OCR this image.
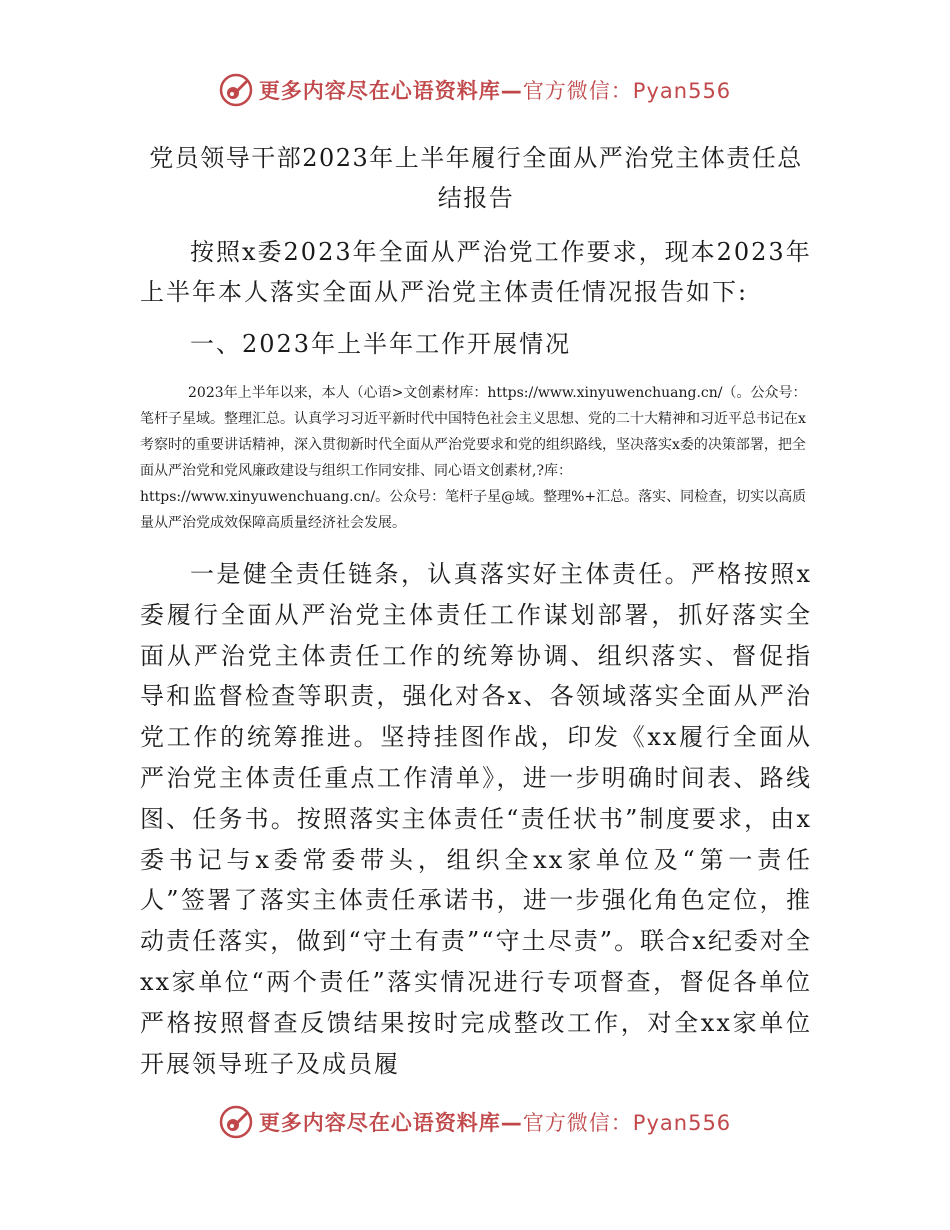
更多内容尽在心语资料库—官方微信：Pyan556
党员领导干部2023年上半年履行全面从严治党主体责任总结报告

按照x委2023年全面从严治党工作要求，现本2023年上半年本人落实全面从严治党主体责任情况报告如下:

一、2023年上半年工作开展情况

2023年上半年以来，本人（心语>文创素材库：https://www.xinyuwenchuang.cn/（。公众号：笔杆子星域。整理汇总。认真学习习近平新时代中国特色社会主义思想、党的二十大精神和习近平总书记在x考察时的重要讲话精神，深入贯彻新时代全面从严治党要求和党的组织路线，坚决落实x委的决策部署，把全面从严治党和党风廉政建设与组织工作同安排、同心语文创素材,?库：https://www.xinyuwenchuang.cn/。公众号：笔杆子星@域。整理%+汇总。落实、同检查，切实以高质量从严治党成效保障高质量经济社会发展。

一是健全责任链条，认真落实好主体责任。严格按照x委履行全面从严治党主体责任工作谋划部署，抓好落实全面从严治党主体责任工作的统筹协调、组织落实、督促指导和监督检查等职责，强化对各x、各领域落实全面从严治党工作的统筹推进。坚持挂图作战，印发《xx履行全面从严治党主体责任重点工作清单》，进一步明确时间表、路线图、任务书。按照落实主体责任“责任状书”制度要求，由x委书记与x委常委带头，组织全xx家单位及“第一责任人”签署了落实主体责任承诺书，进一步强化角色定位，推动责任落实，做到“守土有责”“守土尽责”。联合x纪委对全xx家单位“两个责任”落实情况进行专项督查，督促各单位严格按照督查反馈结果按时完成整改工作，对全xx家单位开展领导班子及成员履

更多内容尽在心语资料库—官方微信：Pyan556
